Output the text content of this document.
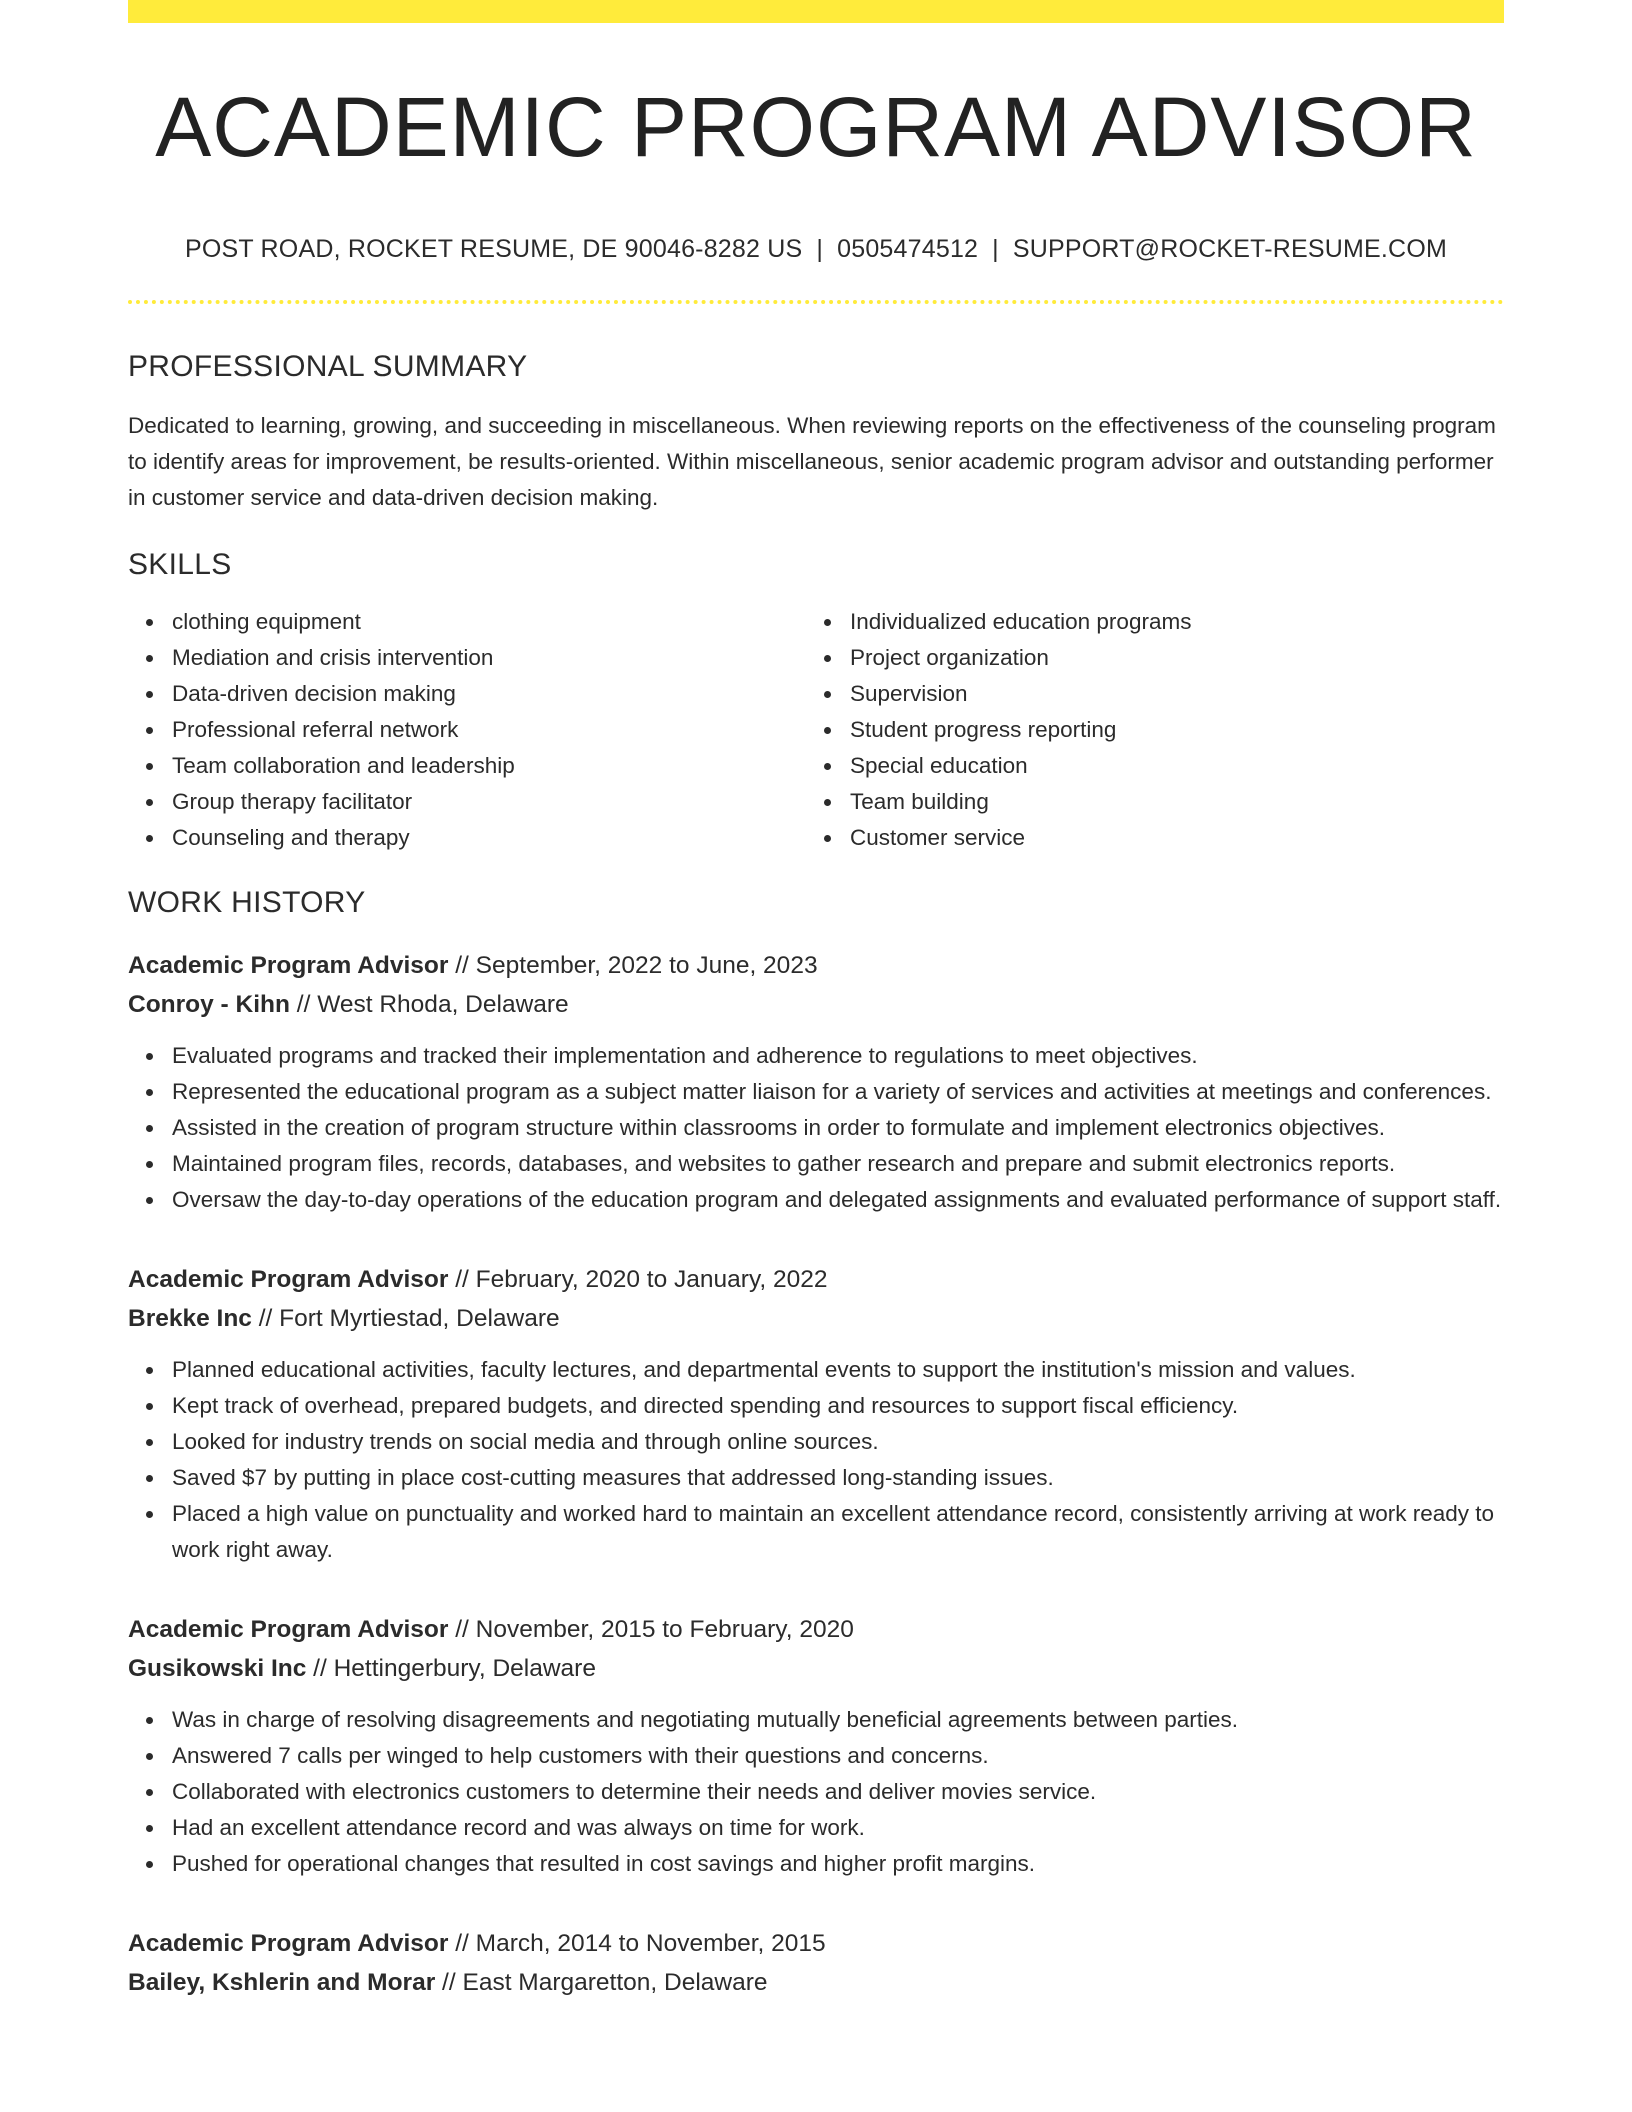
ACADEMIC PROGRAM ADVISOR
POST ROAD, ROCKET RESUME, DE 90046-8282 US | 0505474512 | SUPPORT@ROCKET-RESUME.COM
PROFESSIONAL SUMMARY
Dedicated to learning, growing, and succeeding in miscellaneous. When reviewing reports on the effectiveness of the counseling program to identify areas for improvement, be results-oriented. Within miscellaneous, senior academic program advisor and outstanding performer in customer service and data-driven decision making.
SKILLS
clothing equipment
Mediation and crisis intervention
Data-driven decision making
Professional referral network
Team collaboration and leadership
Group therapy facilitator
Counseling and therapy
Individualized education programs
Project organization
Supervision
Student progress reporting
Special education
Team building
Customer service
WORK HISTORY
Academic Program Advisor // September, 2022 to June, 2023
Conroy - Kihn // West Rhoda, Delaware
Evaluated programs and tracked their implementation and adherence to regulations to meet objectives.
Represented the educational program as a subject matter liaison for a variety of services and activities at meetings and conferences.
Assisted in the creation of program structure within classrooms in order to formulate and implement electronics objectives.
Maintained program files, records, databases, and websites to gather research and prepare and submit electronics reports.
Oversaw the day-to-day operations of the education program and delegated assignments and evaluated performance of support staff.
Academic Program Advisor // February, 2020 to January, 2022
Brekke Inc // Fort Myrtiestad, Delaware
Planned educational activities, faculty lectures, and departmental events to support the institution's mission and values.
Kept track of overhead, prepared budgets, and directed spending and resources to support fiscal efficiency.
Looked for industry trends on social media and through online sources.
Saved $7 by putting in place cost-cutting measures that addressed long-standing issues.
Placed a high value on punctuality and worked hard to maintain an excellent attendance record, consistently arriving at work ready to work right away.
Academic Program Advisor // November, 2015 to February, 2020
Gusikowski Inc // Hettingerbury, Delaware
Was in charge of resolving disagreements and negotiating mutually beneficial agreements between parties.
Answered 7 calls per winged to help customers with their questions and concerns.
Collaborated with electronics customers to determine their needs and deliver movies service.
Had an excellent attendance record and was always on time for work.
Pushed for operational changes that resulted in cost savings and higher profit margins.
Academic Program Advisor // March, 2014 to November, 2015
Bailey, Kshlerin and Morar // East Margaretton, Delaware
